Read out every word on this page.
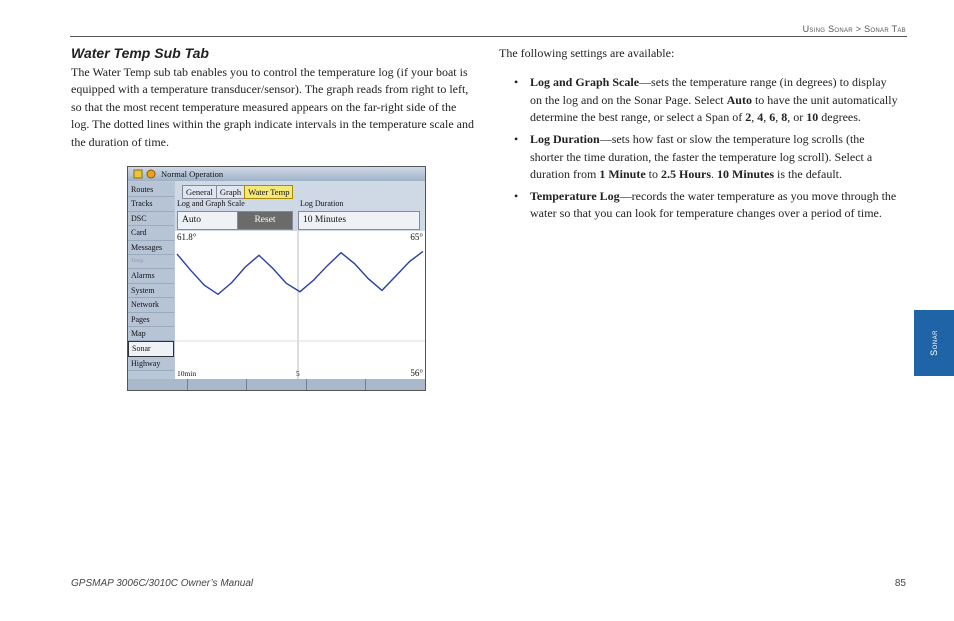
Using Sonar > Sonar Tab
Water Temp Sub Tab
The Water Temp sub tab enables you to control the temperature log (if your boat is equipped with a temperature transducer/sensor). The graph reads from right to left, so that the most recent temperature measured appears on the far-right side of the log. The dotted lines within the graph indicate intervals in the temperature scale and the duration of time.
Normal Operation
Routes
Tracks
DSC
Card
Messages
Temp
Alarms
System
Network
Pages
Map
Sonar
Highway
General Graph Water Temp
Log and Graph Scale	Log Duration
Auto	Reset	10 Minutes
61.8°	65°
10min	5	56°

The following settings are available:

• Log and Graph Scale—sets the temperature range (in degrees) to display on the log and on the Sonar Page. Select Auto to have the unit automatically determine the best range, or select a Span of 2, 4, 6, 8, or 10 degrees.
• Log Duration—sets how fast or slow the temperature log scrolls (the shorter the time duration, the faster the temperature log scroll). Select a duration from 1 Minute to 2.5 Hours. 10 Minutes is the default.
• Temperature Log—records the water temperature as you move through the water so that you can look for temperature changes over a period of time.
Sonar
GPSMAP 3006C/3010C Owner’s Manual	85
